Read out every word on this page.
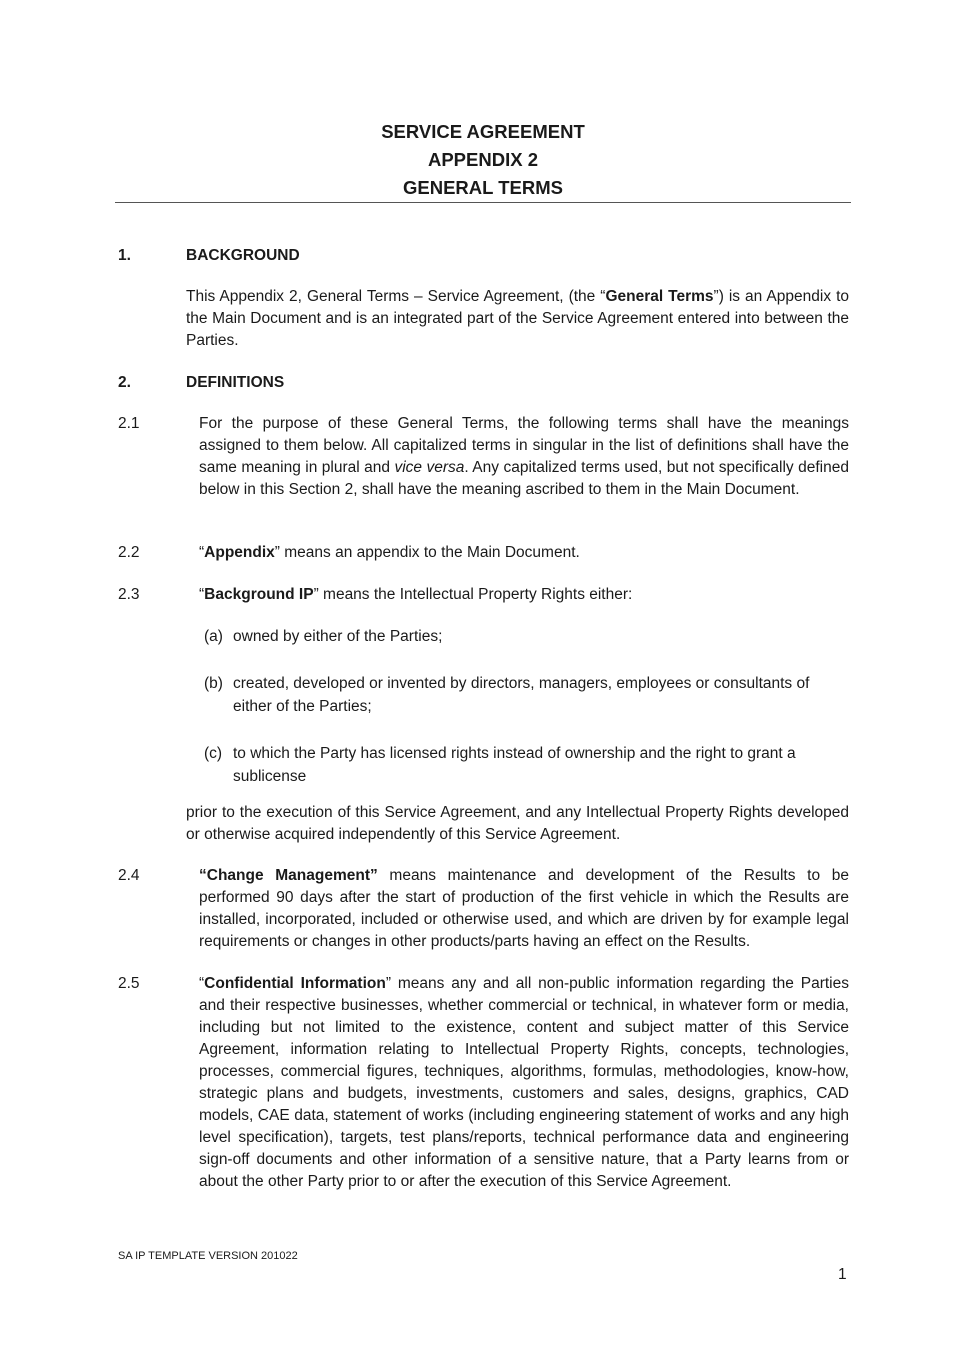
SERVICE AGREEMENT
APPENDIX 2
GENERAL TERMS
1.	BACKGROUND

This Appendix 2, General Terms – Service Agreement, (the “General Terms”) is an Appendix to the Main Document and is an integrated part of the Service Agreement entered into between the Parties.

2.	DEFINITIONS
2.1	For the purpose of these General Terms, the following terms shall have the meanings assigned to them below. All capitalized terms in singular in the list of definitions shall have the same meaning in plural and vice versa. Any capitalized terms used, but not specifically defined below in this Section 2, shall have the meaning ascribed to them in the Main Document.

2.2	“Appendix” means an appendix to the Main Document.

2.3	“Background IP” means the Intellectual Property Rights either:

(a) owned by either of the Parties;
(b) created, developed or invented by directors, managers, employees or consultants of either of the Parties;
(c) to which the Party has licensed rights instead of ownership and the right to grant a sublicense

prior to the execution of this Service Agreement, and any Intellectual Property Rights developed or otherwise acquired independently of this Service Agreement.

2.4	“Change Management” means maintenance and development of the Results to be performed 90 days after the start of production of the first vehicle in which the Results are installed, incorporated, included or otherwise used, and which are driven by for example legal requirements or changes in other products/parts having an effect on the Results.

2.5	“Confidential Information” means any and all non-public information regarding the Parties and their respective businesses, whether commercial or technical, in whatever form or media, including but not limited to the existence, content and subject matter of this Service Agreement, information relating to Intellectual Property Rights, concepts, technologies, processes, commercial figures, techniques, algorithms, formulas, methodologies, know-how, strategic plans and budgets, investments, customers and sales, designs, graphics, CAD models, CAE data, statement of works (including engineering statement of works and any high level specification), targets, test plans/reports, technical performance data and engineering sign-off documents and other information of a sensitive nature, that a Party learns from or about the other Party prior to or after the execution of this Service Agreement.

SA IP TEMPLATE VERSION 201022
1
